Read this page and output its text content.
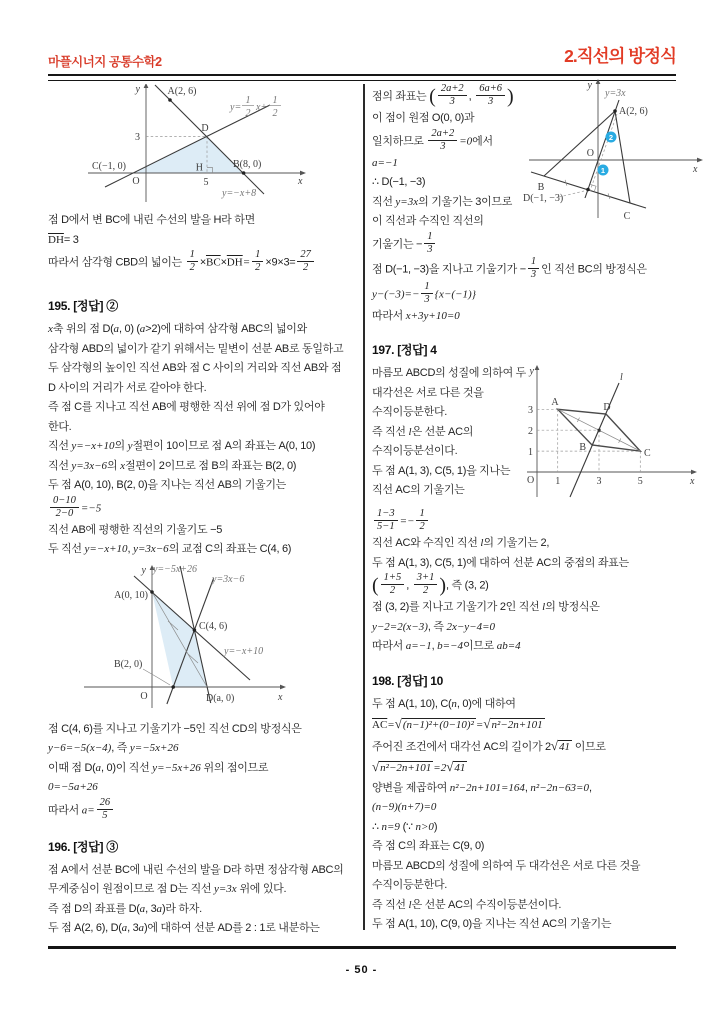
마플시너지 공통수학2	2.직선의 방정식
- 50 -
y
x
O
A(2, 6)
B(8, 0)
C(−1, 0)
D
H
3
5
y=−x+8
y=
1
2
x+
1
2
점 D에서 변 BC에 내린 수선의 발을 H라 하면
$\overline{DH}= 3$
따라서 삼각형 CBD의 넓이는 $\frac{1}{2} \times\overline{BC}\times\overline{DH}= \frac{1}{2} \times 9\times 3= \frac{27}{2}$
195. [정답] ②
x축 위의 점 D(a, 0) (a>2)에 대하여 삼각형 ABC의 넓이와
삼각형 ABD의 넓이가 같기 위해서는 밑변이 선분 AB로 동일하고
두 삼각형의 높이인 직선 AB와 점 C 사이의 거리와 직선 AB와 점
D 사이의 거리가 서로 같아야 한다.
즉 점 C를 지나고 직선 AB에 평행한 직선 위에 점 D가 있어야
한다.
직선 y=−x+10의 y절편이 10이므로 점 A의 좌표는 A(0, 10)
직선 y=3x−6의 x절편이 2이므로 점 B의 좌표는 B(2, 0)
두 점 A(0, 10), B(2, 0)을 지나는 직선 AB의 기울기는
$\frac{0-10}{2-0} =-5$
직선 AB에 평행한 직선의 기울기도 −5
두 직선 y=−x+10, y=3x−6의 교점 C의 좌표는 C(4, 6)
y
x
O
A(0, 10)
B(2, 0)
C(4, 6)
D(a, 0)
y=−5x+26
y=3x−6
y=−x+10
점 C(4, 6)를 지나고 기울기가 −5인 직선 CD의 방정식은
y−6=−5(x−4), 즉 y=−5x+26
이때 점 D(a, 0)이 직선 y=−5x+26 위의 점이므로
0=−5a+26
따라서 $a= \frac{26}{5}$
196. [정답] ③
점 A에서 선분 BC에 내린 수선의 발을 D라 하면 정삼각형 ABC의
무게중심이 원점이므로 점 D는 직선 y=3x 위에 있다.
즉 점 D의 좌표를 D(a, 3a)라 하자.
두 점 A(2, 6), D(a, 3a)에 대하여 선분 AD를 2 : 1로 내분하는
2
1
y
x
O
y=3x
A(2, 6)
B
C
D(−1, −3)
점의 좌표는 ( $\frac{2a+2}{3}$ , $\frac{6a+6}{3}$ )
이 점이 원점 O(0, 0)과
일치하므로 $\frac{2a+2}{3} =0$에서
a=−1
∴ D(−1, −3)
직선 y=3x의 기울기는 3이므로
이 직선과 수직인 직선의
기울기는 − $\frac{1}{3}$
점 D(−1, −3)을 지나고 기울기가 − $\frac{1}{3}$ 인 직선 BC의 방정식은
$y-(-3)=- \frac{1}{3} \{x-(-1)\}$
따라서 x+3y+10=0
197. [정답] 4
y
x
O
l
A
B
C
D
3
2
1
1	3	5
마름모 ABCD의 성질에 의하여 두
대각선은 서로 다른 것을
수직이등분한다.
즉 직선 l은 선분 AC의
수직이등분선이다.
두 점 A(1, 3), C(5, 1)을 지나는
직선 AC의 기울기는
$\frac{1-3}{5-1} =- \frac{1}{2}$
직선 AC와 수직인 직선 l의 기울기는 2,
두 점 A(1, 3), C(5, 1)에 대하여 선분 AC의 중점의 좌표는
( $\frac{1+5}{2}$ , $\frac{3+1}{2}$ ), 즉 (3, 2)
점 (3, 2)를 지나고 기울기가 2인 직선 l의 방정식은
y−2=2(x−3), 즉 2x−y−4=0
따라서 a=−1, b=−4이므로 ab=4
198. [정답] 10
두 점 A(1, 10), C(n, 0)에 대하여
$\overline{AC}=√(n-1)^2+(0-10)^2 =√n^2-2n+101$
주어진 조건에서 대각선 AC의 길이가 2√41 이므로
√n²−2n+101 =2√41
양변을 제곱하여 n²−2n+101=164, n²−2n−63=0,
(n−9)(n+7)=0
∴ n=9 (∵ n>0)
즉 점 C의 좌표는 C(9, 0)
마름모 ABCD의 성질에 의하여 두 대각선은 서로 다른 것을
수직이등분한다.
즉 직선 l은 선분 AC의 수직이등분선이다.
두 점 A(1, 10), C(9, 0)을 지나는 직선 AC의 기울기는
